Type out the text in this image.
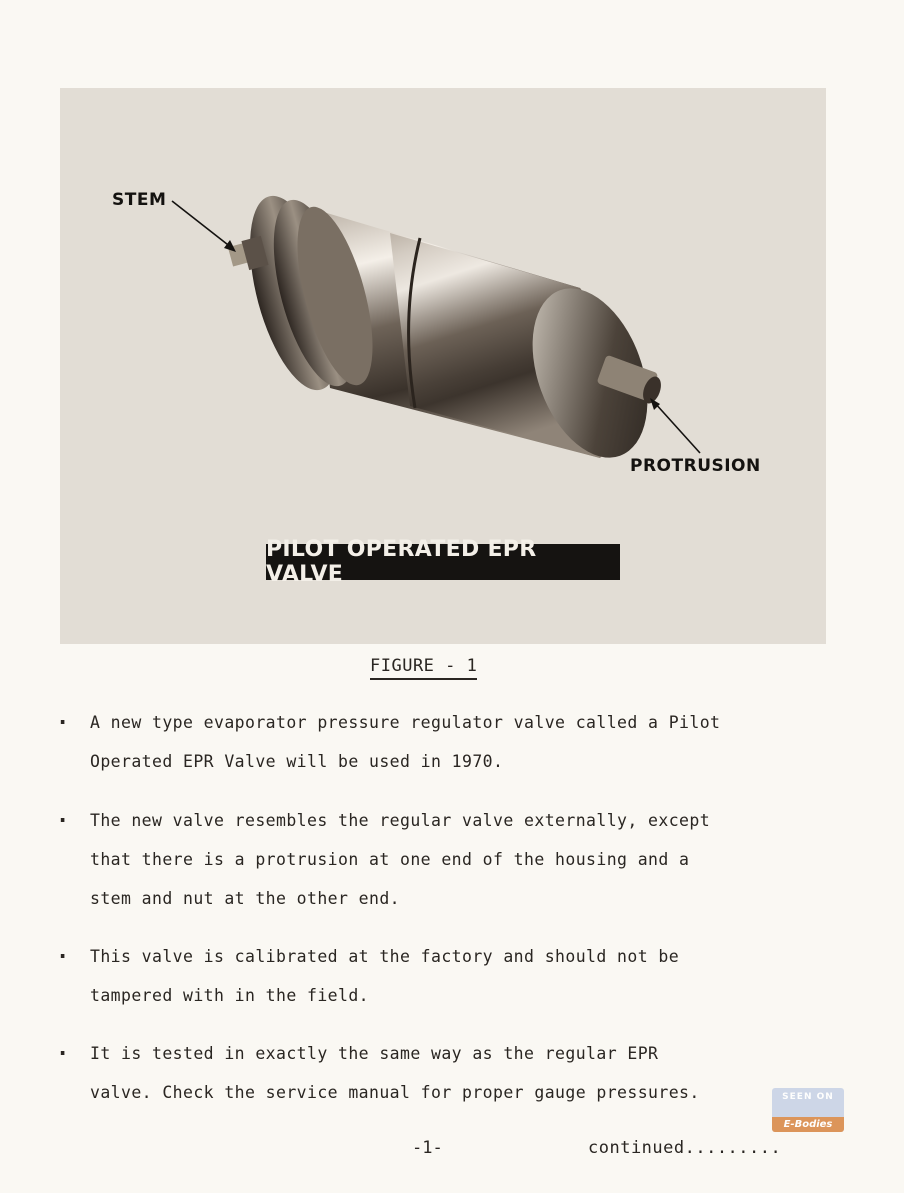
STEM
PROTRUSION
PILOT OPERATED EPR VALVE
FIGURE - 1
. A new type evaporator pressure regulator valve called a Pilot
Operated EPR Valve will be used in 1970.
. The new valve resembles the regular valve externally, except
that there is a protrusion at one end of the housing and a
stem and nut at the other end.
. This valve is calibrated at the factory and should not be
tampered with in the field.
. It is tested in exactly the same way as the regular EPR
valve. Check the service manual for proper gauge pressures.
-1-	continued.........
SEEN ON
E-Bodies
